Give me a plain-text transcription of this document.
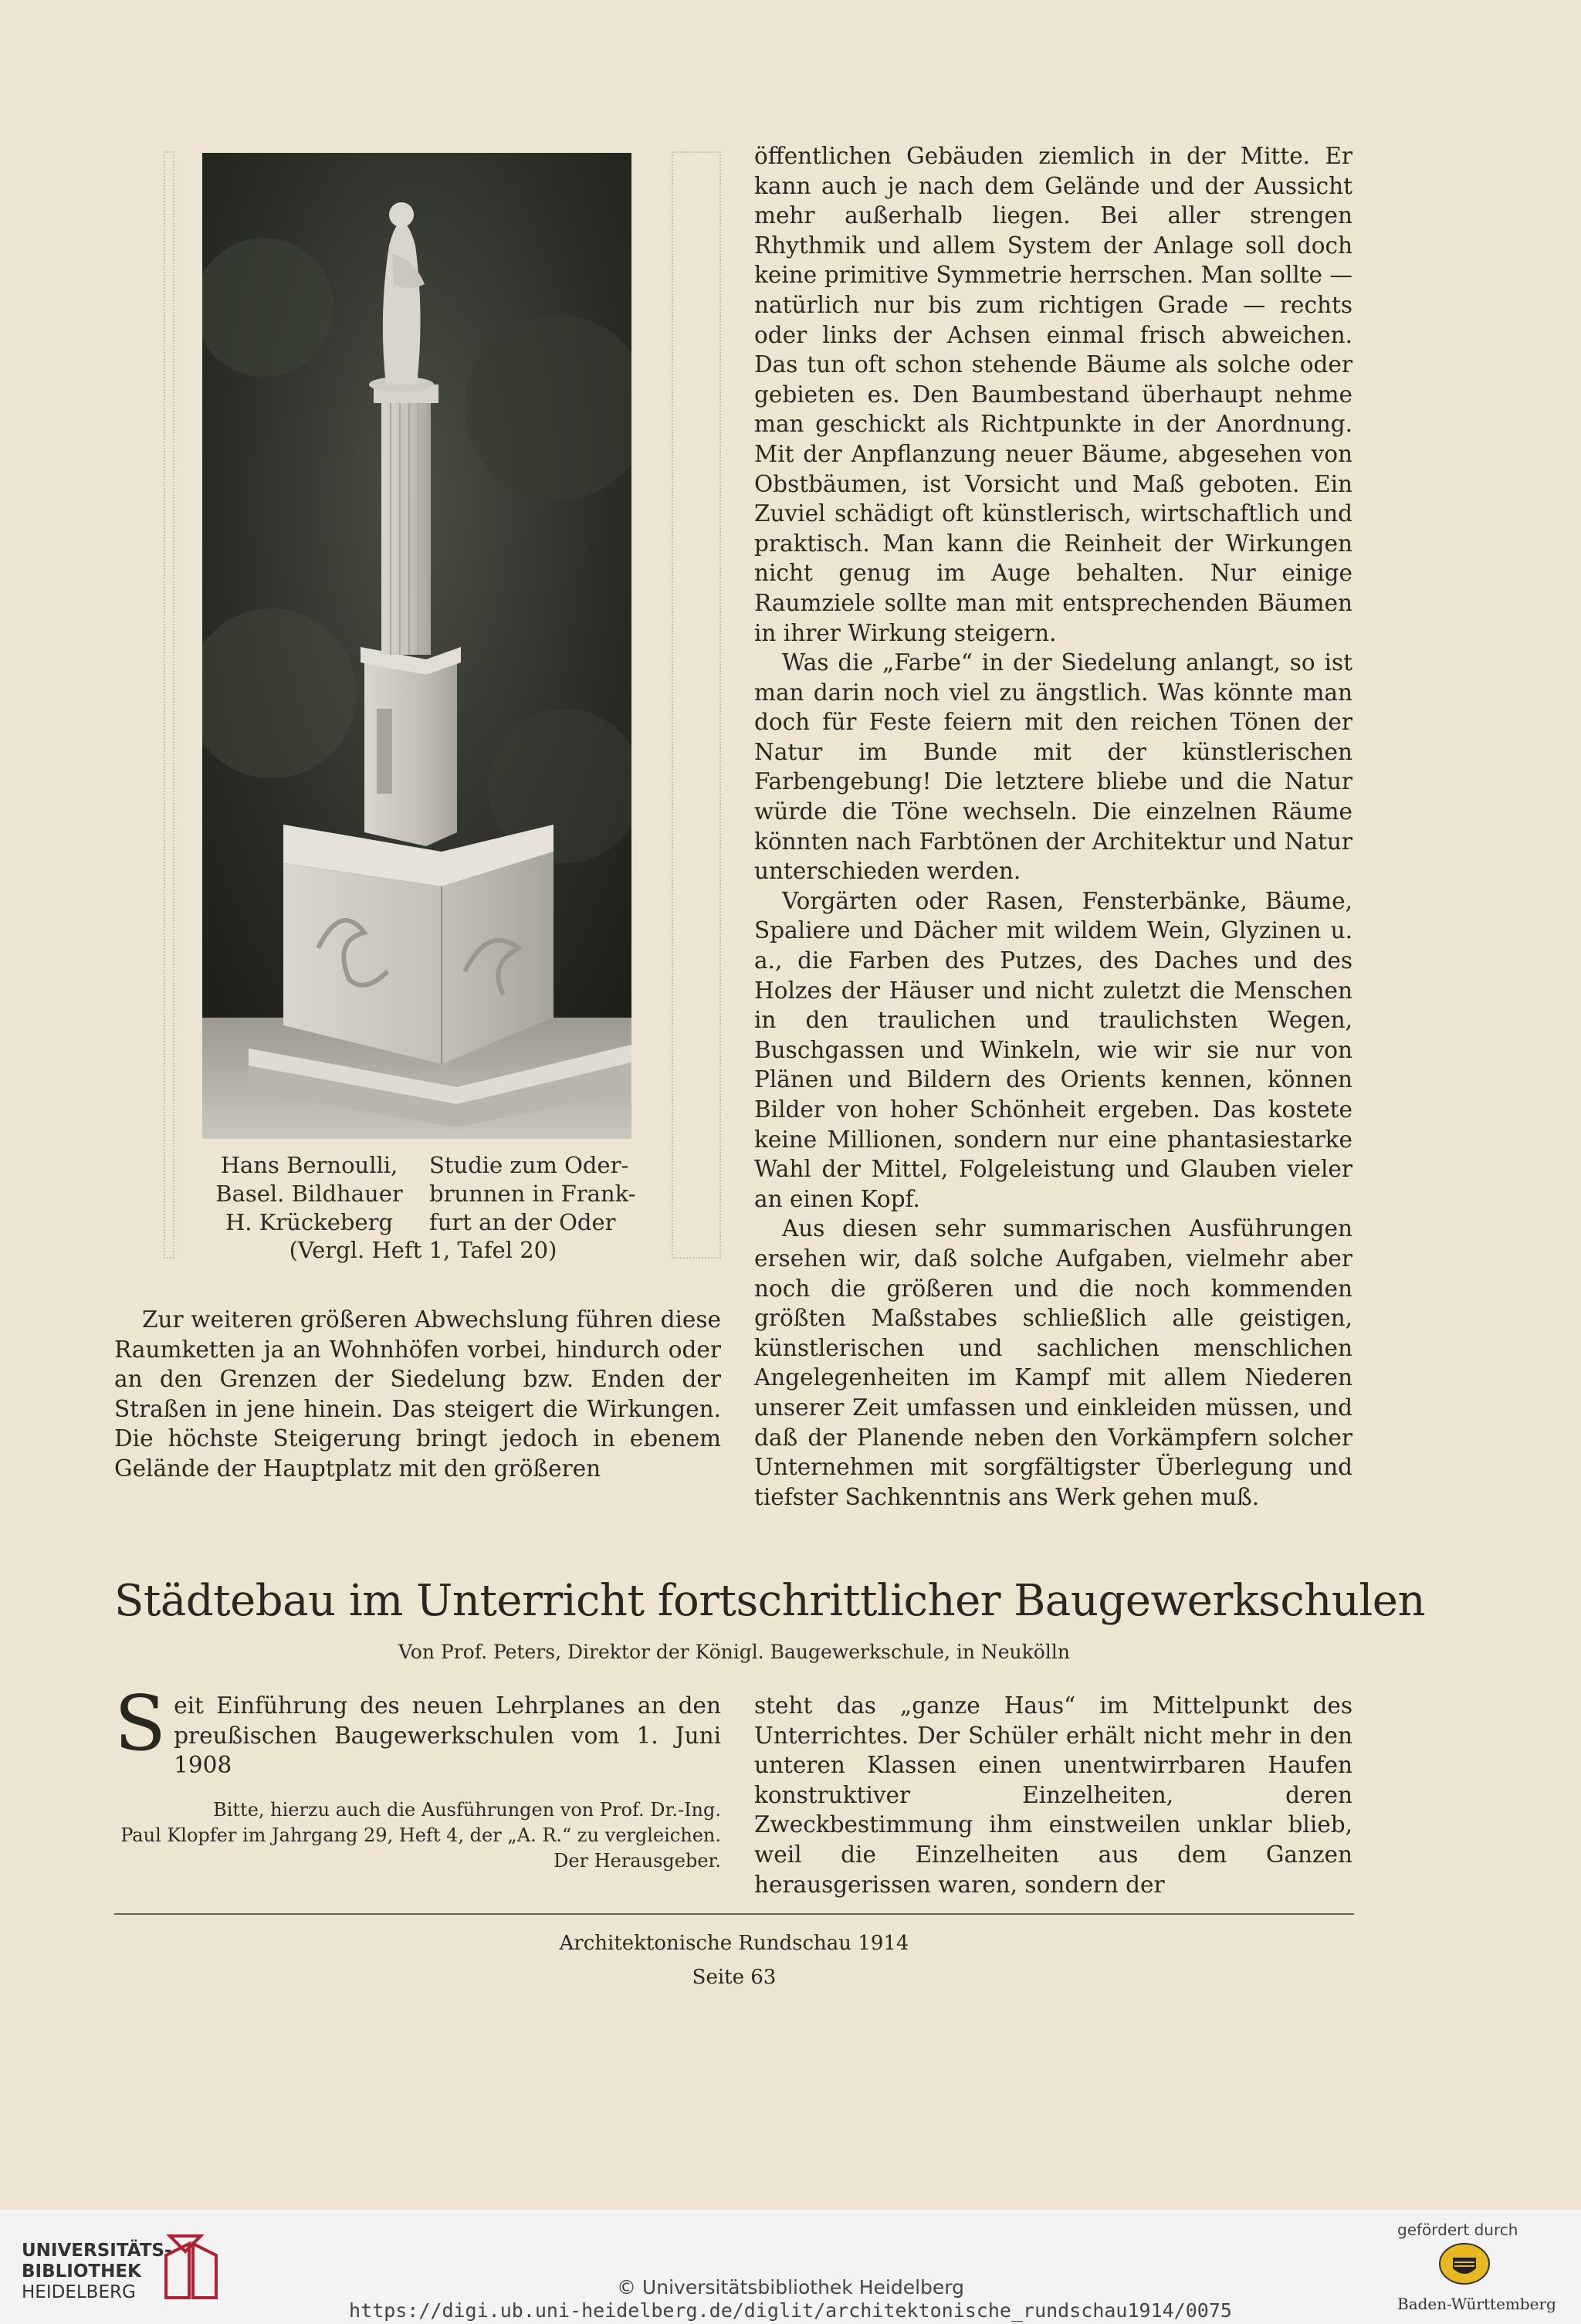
Hans Bernoulli,
Basel. Bildhauer
H. Krückeberg
Studie zum Oder-
brunnen in Frank-
furt an der Oder
(Vergl. Heft 1, Tafel 20)

öffentlichen Gebäuden ziemlich in der Mitte. Er kann auch je nach dem Gelände und der Aussicht mehr außerhalb liegen. Bei aller strengen Rhythmik und allem System der Anlage soll doch keine primitive Symmetrie herrschen. Man sollte — natürlich nur bis zum richtigen Grade — rechts oder links der Achsen einmal frisch abweichen. Das tun oft schon stehende Bäume als solche oder gebieten es. Den Baumbestand überhaupt nehme man geschickt als Richtpunkte in der Anordnung. Mit der Anpflanzung neuer Bäume, abgesehen von Obstbäumen, ist Vorsicht und Maß geboten. Ein Zuviel schädigt oft künstlerisch, wirtschaftlich und praktisch. Man kann die Reinheit der Wirkungen nicht genug im Auge behalten. Nur einige Raumziele sollte man mit entsprechenden Bäumen in ihrer Wirkung steigern.

Was die „Farbe“ in der Siedelung anlangt, so ist man darin noch viel zu ängstlich. Was könnte man doch für Feste feiern mit den reichen Tönen der Natur im Bunde mit der künstlerischen Farbengebung! Die letztere bliebe und die Natur würde die Töne wechseln. Die einzelnen Räume könnten nach Farbtönen der Architektur und Natur unterschieden werden.

Vorgärten oder Rasen, Fensterbänke, Bäume, Spaliere und Dächer mit wildem Wein, Glyzinen u. a., die Farben des Putzes, des Daches und des Holzes der Häuser und nicht zuletzt die Menschen in den traulichen und traulichsten Wegen, Buschgassen und Winkeln, wie wir sie nur von Plänen und Bildern des Orients kennen, können Bilder von hoher Schönheit ergeben. Das kostete keine Millionen, sondern nur eine phantasiestarke Wahl der Mittel, Folgeleistung und Glauben vieler an einen Kopf.

Aus diesen sehr summarischen Ausführungen ersehen wir, daß solche Aufgaben, vielmehr aber noch die größeren und die noch kommenden größten Maßstabes schließlich alle geistigen, künstlerischen und sachlichen menschlichen Angelegenheiten im Kampf mit allem Niederen unserer Zeit umfassen und einkleiden müssen, und daß der Planende neben den Vorkämpfern solcher Unternehmen mit sorgfältigster Überlegung und tiefster Sachkenntnis ans Werk gehen muß.

Zur weiteren größeren Abwechslung führen diese Raumketten ja an Wohnhöfen vorbei, hindurch oder an den Grenzen der Siedelung bzw. Enden der Straßen in jene hinein. Das steigert die Wirkungen. Die höchste Steigerung bringt jedoch in ebenem Gelände der Hauptplatz mit den größeren

Städtebau im Unterricht fortschrittlicher Baugewerkschulen
Von Prof. Peters, Direktor der Königl. Baugewerkschule, in Neukölln
Seit Einführung des neuen Lehrplanes an den preußischen Baugewerkschulen vom 1. Juni 1908
Bitte, hierzu auch die Ausführungen von Prof. Dr.-Ing.
Paul Klopfer im Jahrgang 29, Heft 4, der „A. R.“ zu vergleichen.
Der Herausgeber.

steht das „ganze Haus“ im Mittelpunkt des Unterrichtes. Der Schüler erhält nicht mehr in den unteren Klassen einen unentwirrbaren Haufen konstruktiver Einzelheiten, deren Zweckbestimmung ihm einstweilen unklar blieb, weil die Einzelheiten aus dem Ganzen herausgerissen waren, sondern der

Architektonische Rundschau 1914
Seite 63
UNIVERSITÄTS-
BIBLIOTHEK
HEIDELBERG	© Universitätsbibliothek Heidelberg
https://digi.ub.uni-heidelberg.de/diglit/architektonische_rundschau1914/0075
gefördert durch
Baden-Württemberg
